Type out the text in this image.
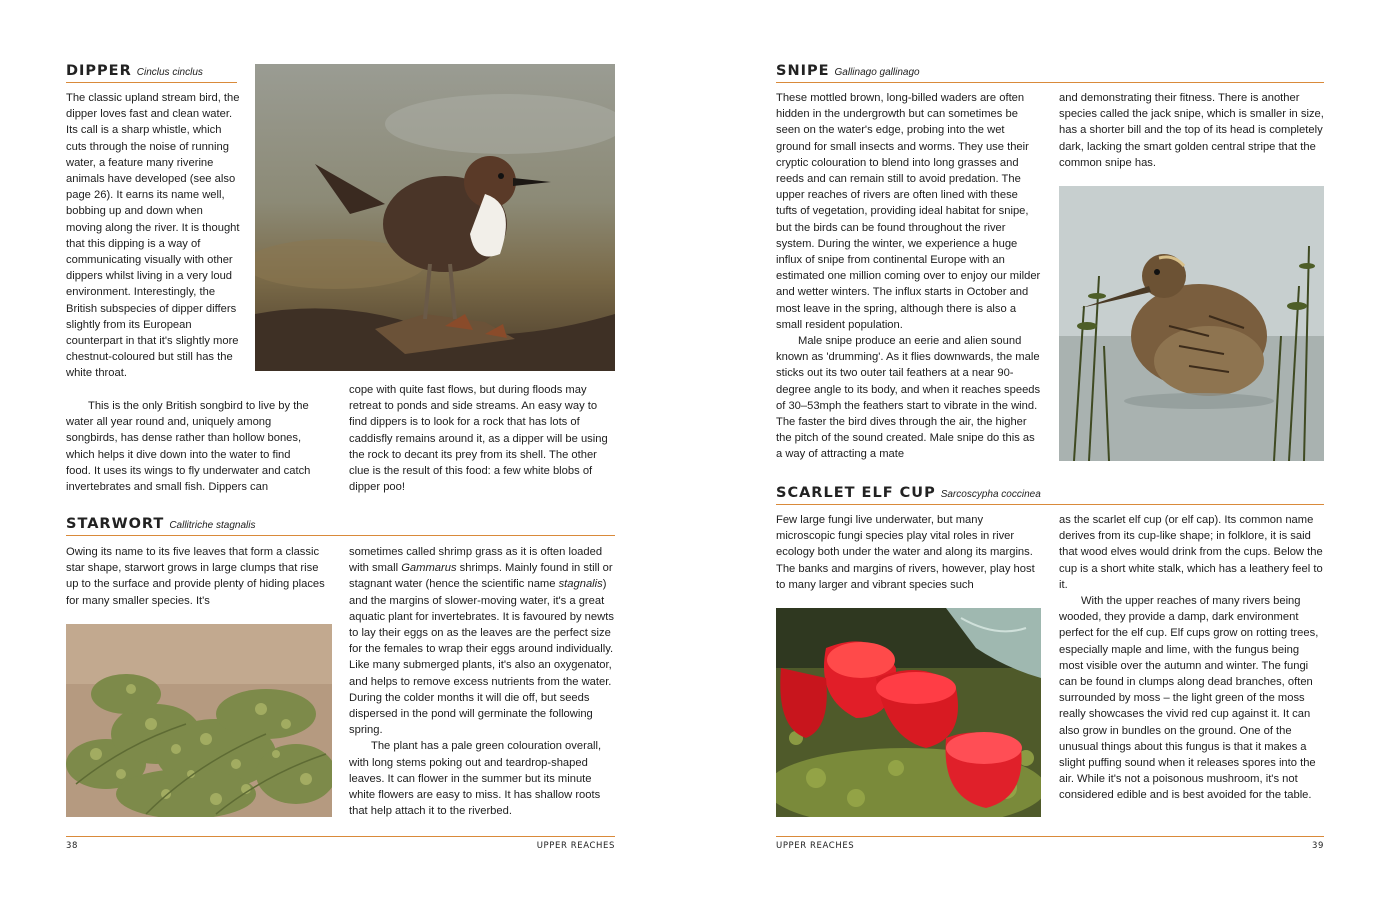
DIPPER Cinclus cinclus

The classic upland stream bird, the dipper loves fast and clean water. Its call is a sharp whistle, which cuts through the noise of running water, a feature many riverine animals have developed (see also page 26). It earns its name well, bobbing up and down when moving along the river. It is thought that this dipping is a way of communicating visually with other dippers whilst living in a very loud environment. Interestingly, the British subspecies of dipper differs slightly from its European counterpart in that it's slightly more chestnut-coloured but still has the white throat.

This is the only British songbird to live by the water all year round and, uniquely among songbirds, has dense rather than hollow bones, which helps it dive down into the water to find food. It uses its wings to fly underwater and catch invertebrates and small fish. Dippers can

cope with quite fast flows, but during floods may retreat to ponds and side streams. An easy way to find dippers is to look for a rock that has lots of caddisfly remains around it, as a dipper will be using the rock to decant its prey from its shell. The other clue is the result of this food: a few white blobs of dipper poo!

STARWORT Callitriche stagnalis

Owing its name to its five leaves that form a classic star shape, starwort grows in large clumps that rise up to the surface and provide plenty of hiding places for many smaller species. It's

sometimes called shrimp grass as it is often loaded with small Gammarus shrimps. Mainly found in still or stagnant water (hence the scientific name stagnalis) and the margins of slower-moving water, it's a great aquatic plant for invertebrates. It is favoured by newts to lay their eggs on as the leaves are the perfect size for the females to wrap their eggs around individually. Like many submerged plants, it's also an oxygenator, and helps to remove excess nutrients from the water. During the colder months it will die off, but seeds dispersed in the pond will germinate the following spring.

The plant has a pale green colouration overall, with long stems poking out and teardrop-shaped leaves. It can flower in the summer but its minute white flowers are easy to miss. It has shallow roots that help attach it to the riverbed.

38	UPPER REACHES
SNIPE Gallinago gallinago

These mottled brown, long-billed waders are often hidden in the undergrowth but can sometimes be seen on the water's edge, probing into the wet ground for small insects and worms. They use their cryptic colouration to blend into long grasses and reeds and can remain still to avoid predation. The upper reaches of rivers are often lined with these tufts of vegetation, providing ideal habitat for snipe, but the birds can be found throughout the river system. During the winter, we experience a huge influx of snipe from continental Europe with an estimated one million coming over to enjoy our milder and wetter winters. The influx starts in October and most leave in the spring, although there is also a small resident population.

Male snipe produce an eerie and alien sound known as 'drumming'. As it flies downwards, the male sticks out its two outer tail feathers at a near 90-degree angle to its body, and when it reaches speeds of 30–53mph the feathers start to vibrate in the wind. The faster the bird dives through the air, the higher the pitch of the sound created. Male snipe do this as a way of attracting a mate

and demonstrating their fitness. There is another species called the jack snipe, which is smaller in size, has a shorter bill and the top of its head is completely dark, lacking the smart golden central stripe that the common snipe has.

SCARLET ELF CUP Sarcoscypha coccinea

Few large fungi live underwater, but many microscopic fungi species play vital roles in river ecology both under the water and along its margins. The banks and margins of rivers, however, play host to many larger and vibrant species such

as the scarlet elf cup (or elf cap). Its common name derives from its cup-like shape; in folklore, it is said that wood elves would drink from the cups. Below the cup is a short white stalk, which has a leathery feel to it.

With the upper reaches of many rivers being wooded, they provide a damp, dark environment perfect for the elf cup. Elf cups grow on rotting trees, especially maple and lime, with the fungus being most visible over the autumn and winter. The fungi can be found in clumps along dead branches, often surrounded by moss – the light green of the moss really showcases the vivid red cup against it. It can also grow in bundles on the ground. One of the unusual things about this fungus is that it makes a slight puffing sound when it releases spores into the air. While it's not a poisonous mushroom, it's not considered edible and is best avoided for the table.

UPPER REACHES	39
